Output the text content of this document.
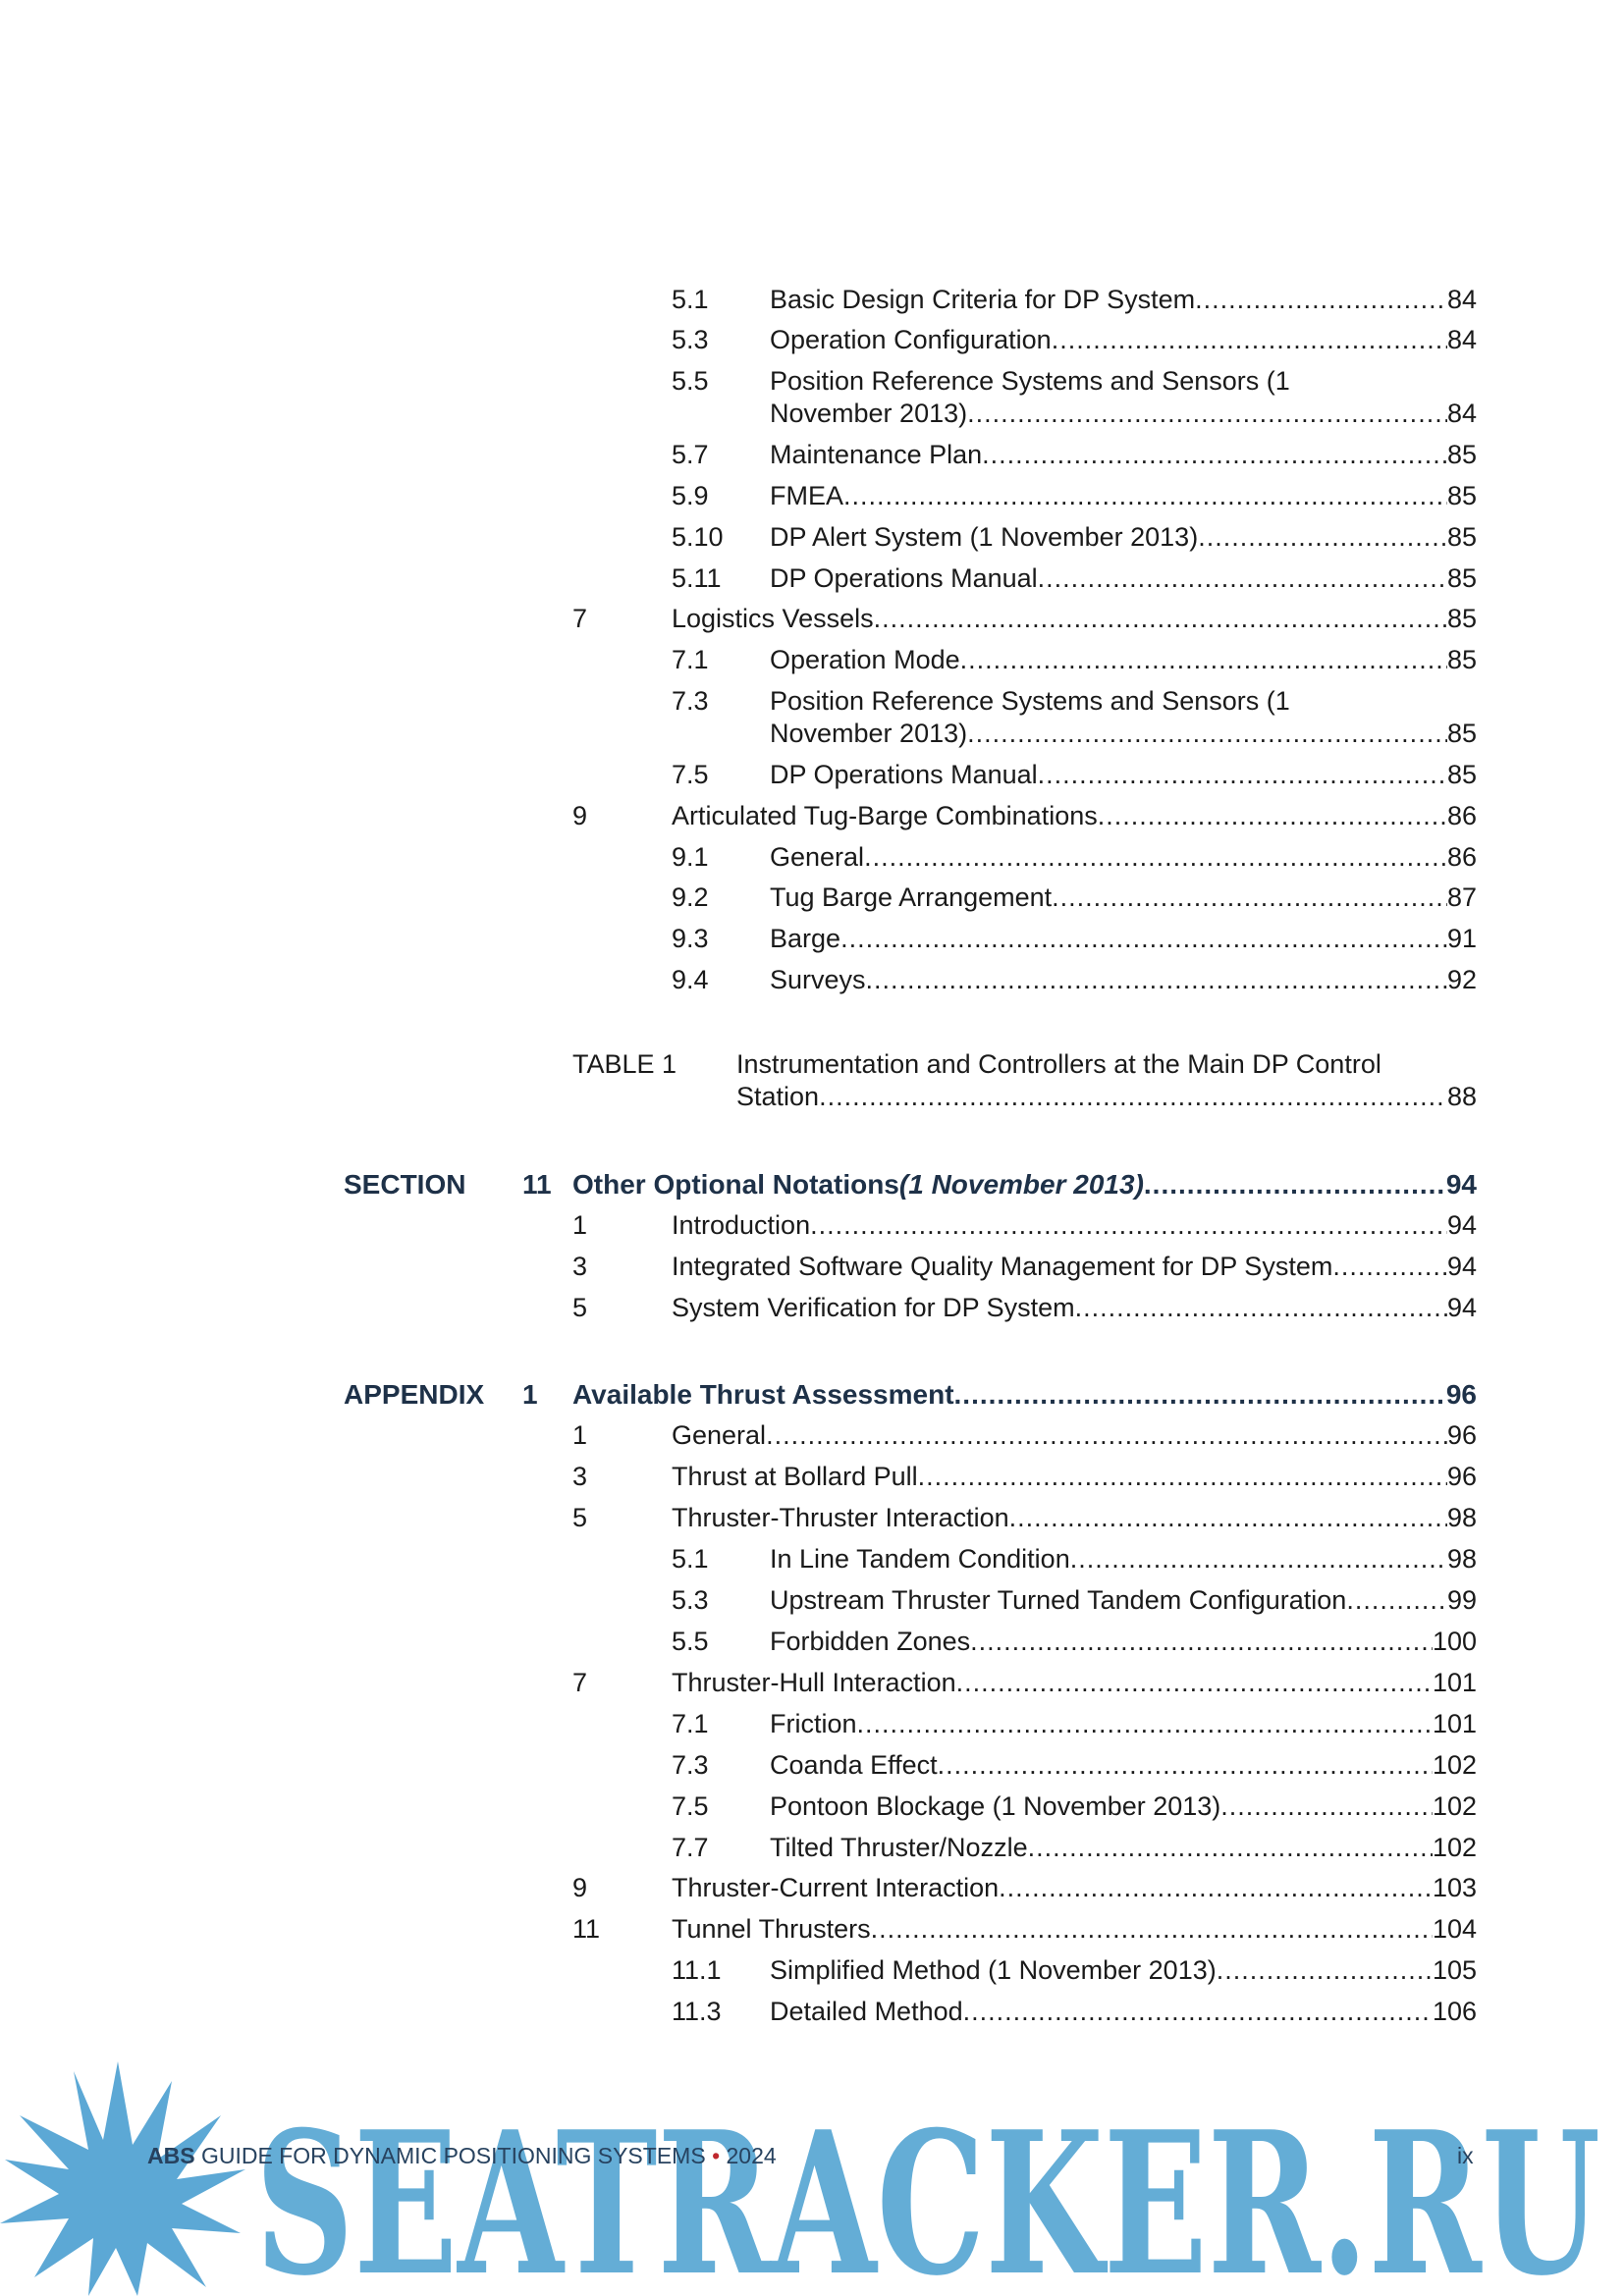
5.1 Basic Design Criteria for DP System .....	84
5.3 Operation Configuration .....	84
5.5 Position Reference Systems and Sensors (1
November 2013) .....	84
5.7 Maintenance Plan .....	85
5.9 FMEA .....	85
5.10 DP Alert System (1 November 2013) .....	85
5.11 DP Operations Manual .....	85
7	Logistics Vessels .....	85
7.1 Operation Mode .....	85
7.3 Position Reference Systems and Sensors (1
November 2013) .....	85
7.5 DP Operations Manual .....	85
9	Articulated Tug-Barge Combinations .....	86
9.1 General .....	86
9.2 Tug Barge Arrangement .....	87
9.3 Barge .....	91
9.4 Surveys .....	92
TABLE 1 Instrumentation and Controllers at the Main DP Control
Station .....	88
SECTION 11 Other Optional Notations (1 November 2013) .....	94
1	Introduction .....	94
3	Integrated Software Quality Management for DP System .....	94
5	System Verification for DP System .....	94
APPENDIX 1 Available Thrust Assessment .....	96
1	General .....	96
3	Thrust at Bollard Pull .....	96
5	Thruster-Thruster Interaction .....	98
5.1 In Line Tandem Condition .....	98
5.3 Upstream Thruster Turned Tandem Configuration .....	99
5.5 Forbidden Zones .....	100
7	Thruster-Hull Interaction .....	101
7.1 Friction .....	101
7.3 Coanda Effect .....	102
7.5 Pontoon Blockage (1 November 2013) .....	102
7.7 Tilted Thruster/Nozzle .....	102
9	Thruster-Current Interaction .....	103
11	Tunnel Thrusters .....	104
11.1 Simplified Method (1 November 2013) .....	105
11.3 Detailed Method .....	106
SEATRACKER.RU
ABS GUIDE FOR DYNAMIC POSITIONING SYSTEMS • 2024	ix
